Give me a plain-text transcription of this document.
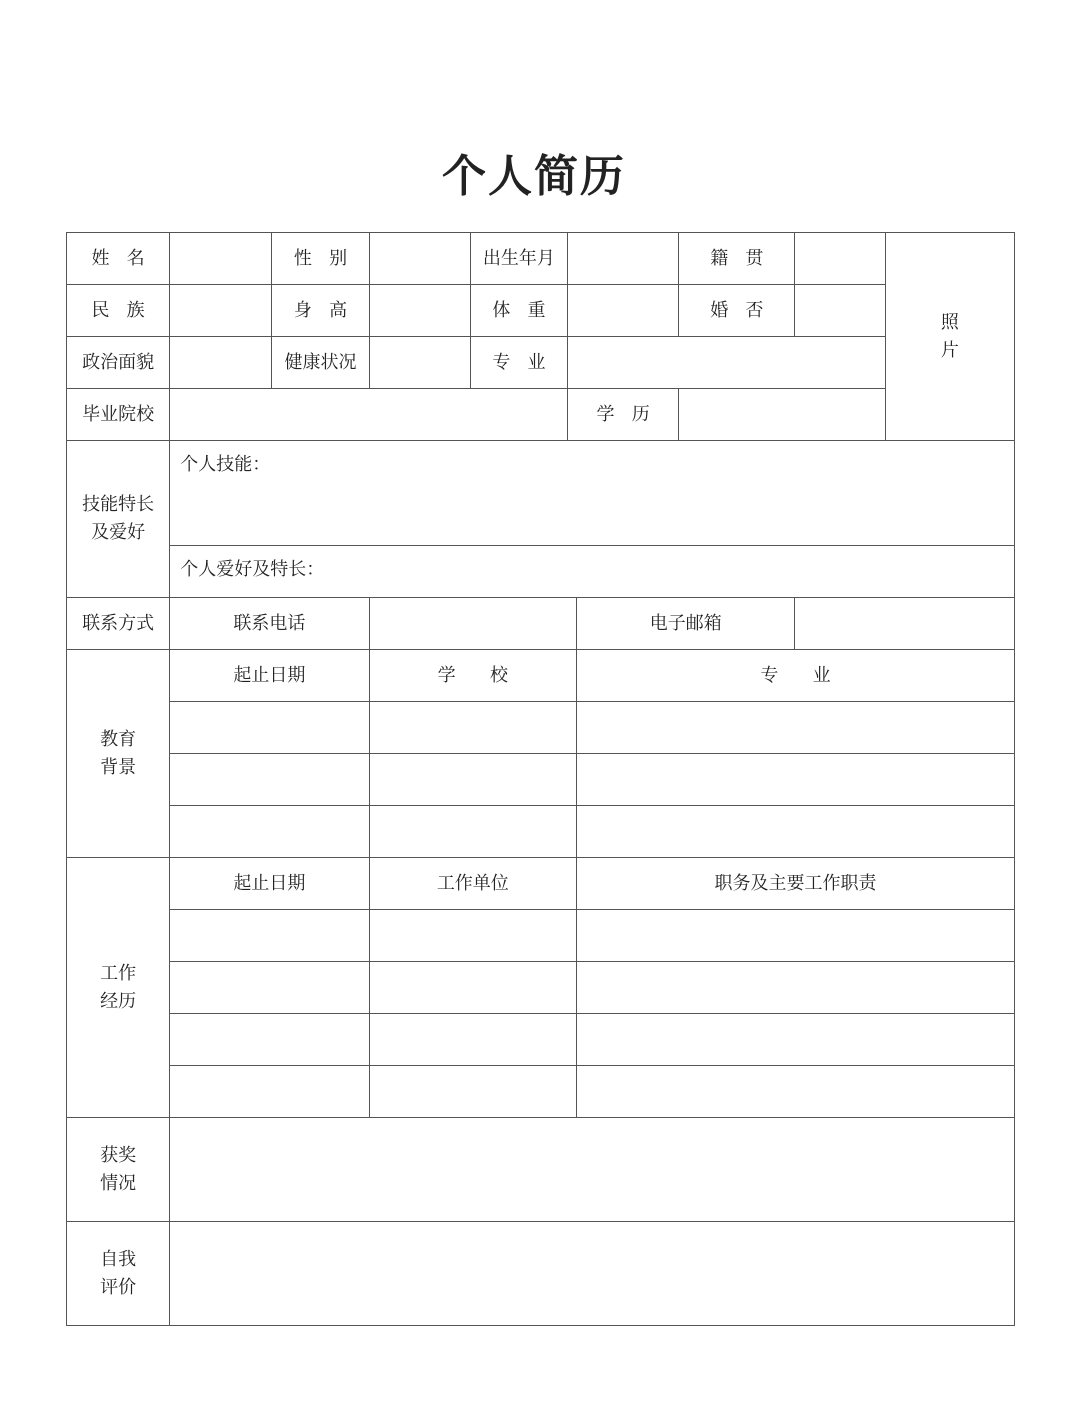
个人简历
姓   名		性   别		出生年月			籍   贯		照
片
民   族		身   高		体   重			婚   否		
政治面貌		健康状况		专   业					
毕业院校					学   历				
技能特长
及爱好	个人技能：								
	个人爱好及特长：								
联系方式	联系电话					电子邮箱			
教育
背景	起止日期		学      校			专      业			

工作
经历	起止日期		工作单位			职务及主要工作职责			

获奖
情况									
自我
评价									
